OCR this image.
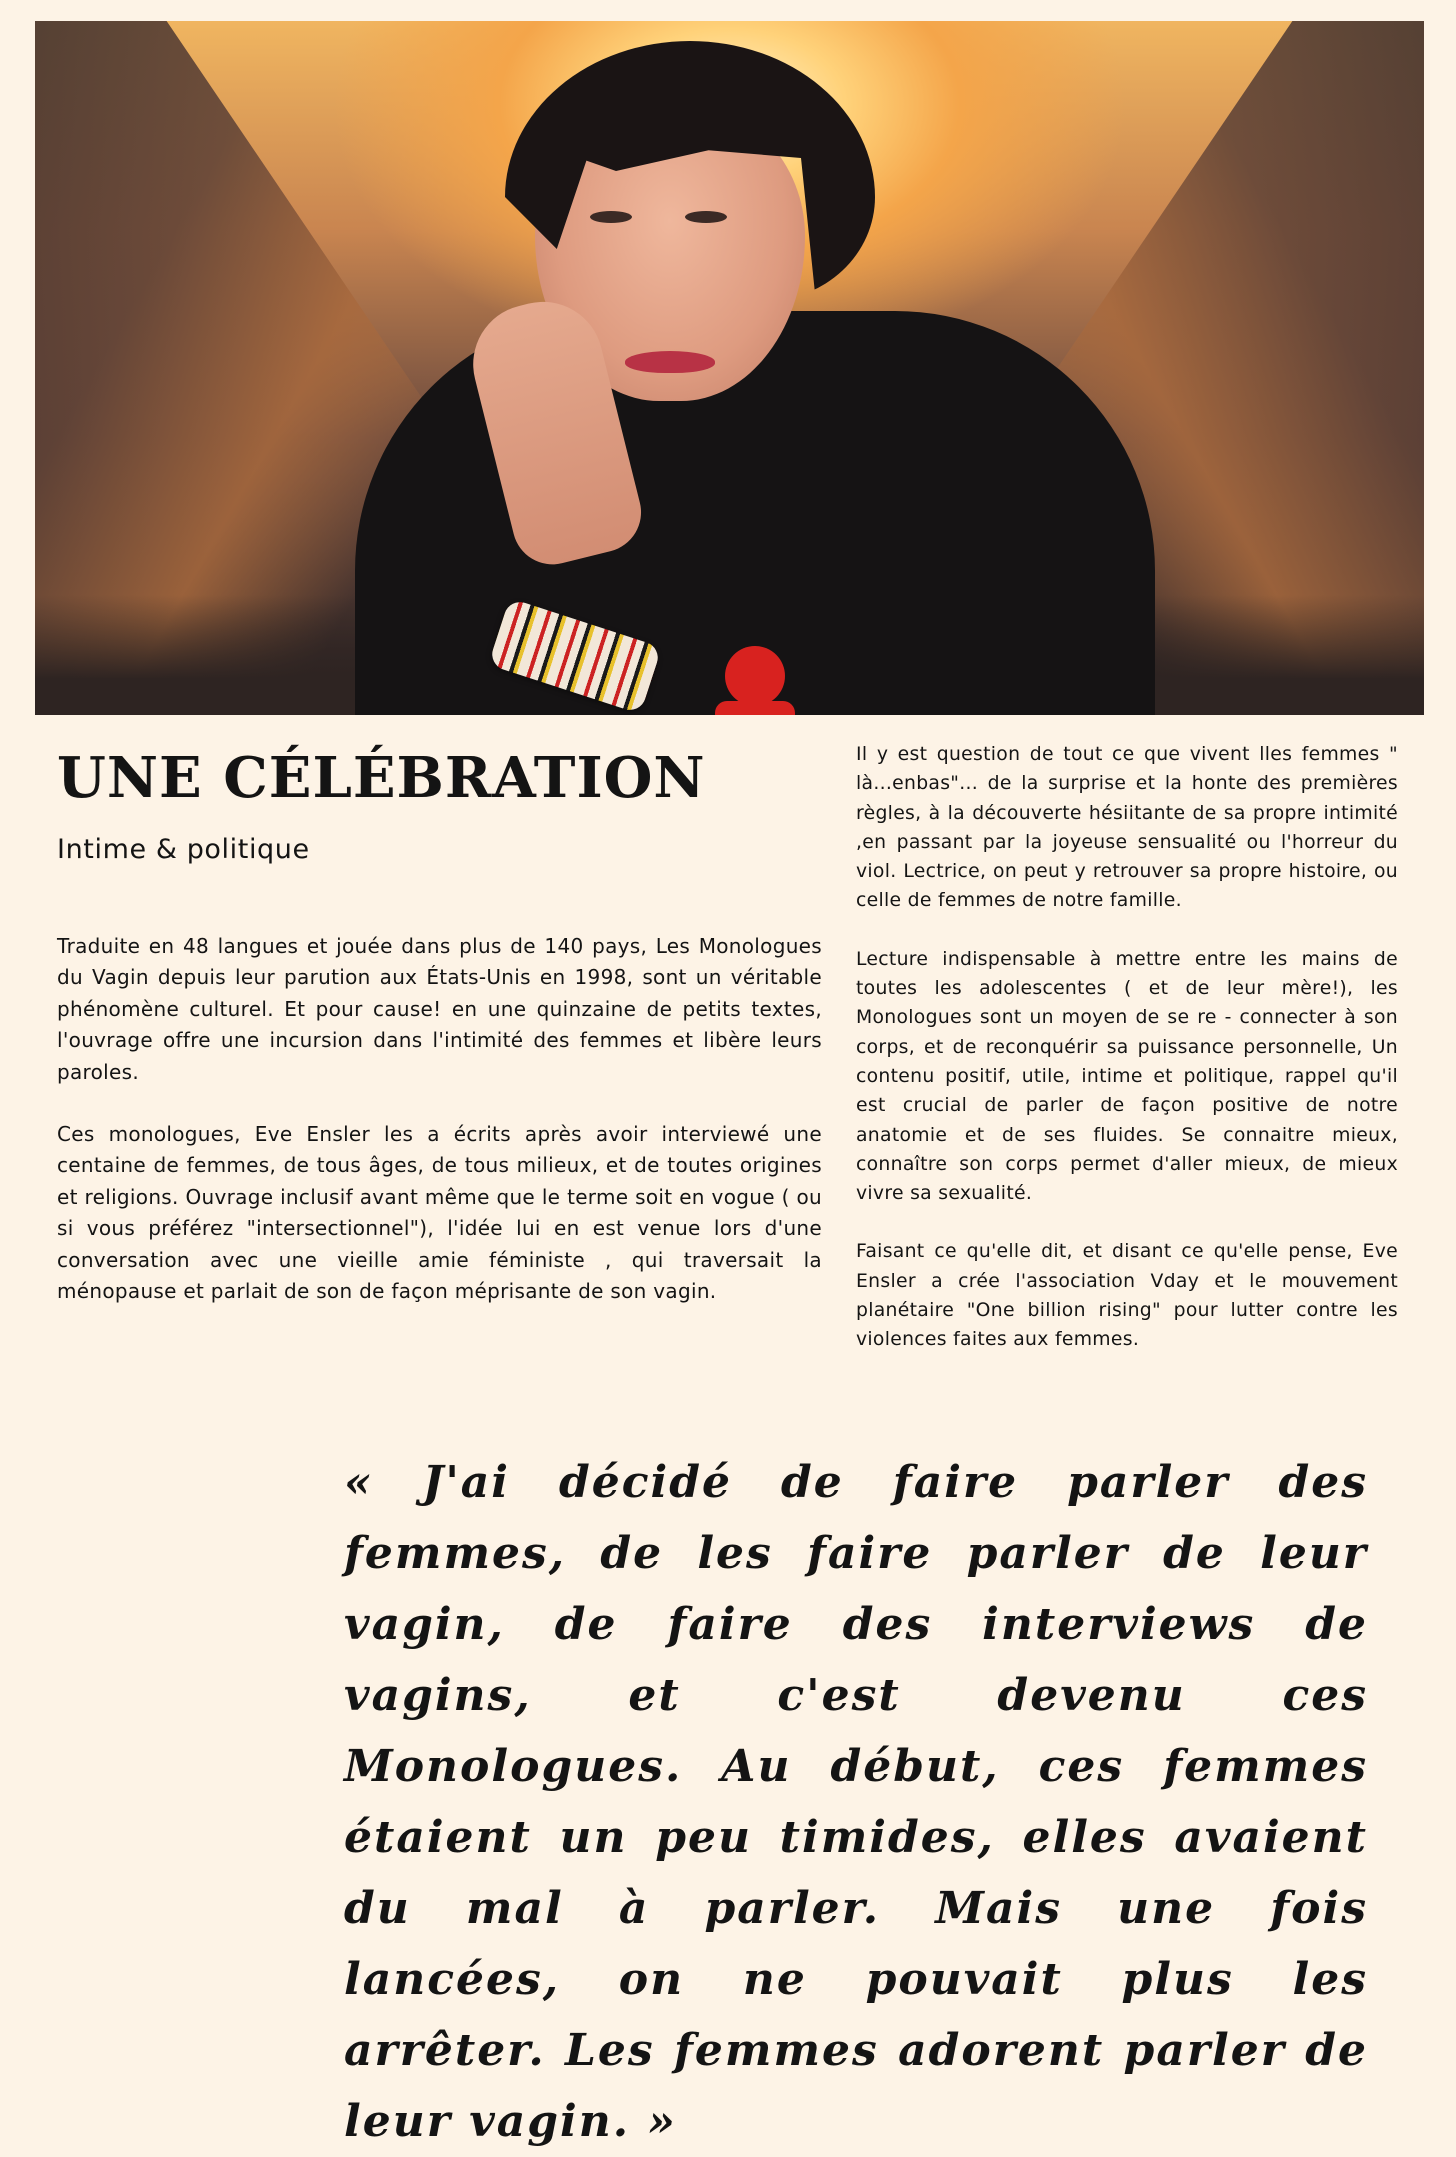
UNE CÉLÉBRATION
Intime & politique

Traduite en 48 langues et jouée dans plus de 140 pays, Les Monologues du Vagin depuis leur parution aux États-Unis en 1998, sont un véritable phénomène culturel. Et pour cause! en une quinzaine de petits textes, l'ouvrage offre une incursion dans l'intimité des femmes et libère leurs paroles.

Ces monologues, Eve Ensler les a écrits après avoir interviewé une centaine de femmes, de tous âges, de tous milieux, et de toutes origines et religions. Ouvrage inclusif avant même que le terme soit en vogue ( ou si vous préférez "intersectionnel"), l'idée lui en est venue lors d'une conversation avec une vieille amie féministe , qui traversait la ménopause et parlait de son de façon méprisante de son vagin.

Il y est question de tout ce que vivent lles femmes " là...enbas"... de la surprise et la honte des premières règles, à la découverte hésiitante de sa propre intimité ,en passant par la joyeuse sensualité ou l'horreur du viol. Lectrice, on peut y retrouver sa propre histoire, ou celle de femmes de notre famille.

Lecture indispensable à mettre entre les mains de toutes les adolescentes ( et de leur mère!), les Monologues sont un moyen de se re - connecter à son corps, et de reconquérir sa puissance personnelle, Un contenu positif, utile, intime et politique, rappel qu'il est crucial de parler de façon positive de notre anatomie et de ses fluides. Se connaitre mieux, connaître son corps permet d'aller mieux, de mieux vivre sa sexualité.

Faisant ce qu'elle dit, et disant ce qu'elle pense, Eve Ensler a crée l'association Vday et le mouvement planétaire "One billion rising" pour lutter contre les violences faites aux femmes.

« J'ai décidé de faire parler des femmes, de les faire parler de leur vagin, de faire des interviews de vagins, et c'est devenu ces Monologues. Au début, ces femmes étaient un peu timides, elles avaient du mal à parler. Mais une fois lancées, on ne pouvait plus les arrêter. Les femmes adorent parler de leur vagin. »
